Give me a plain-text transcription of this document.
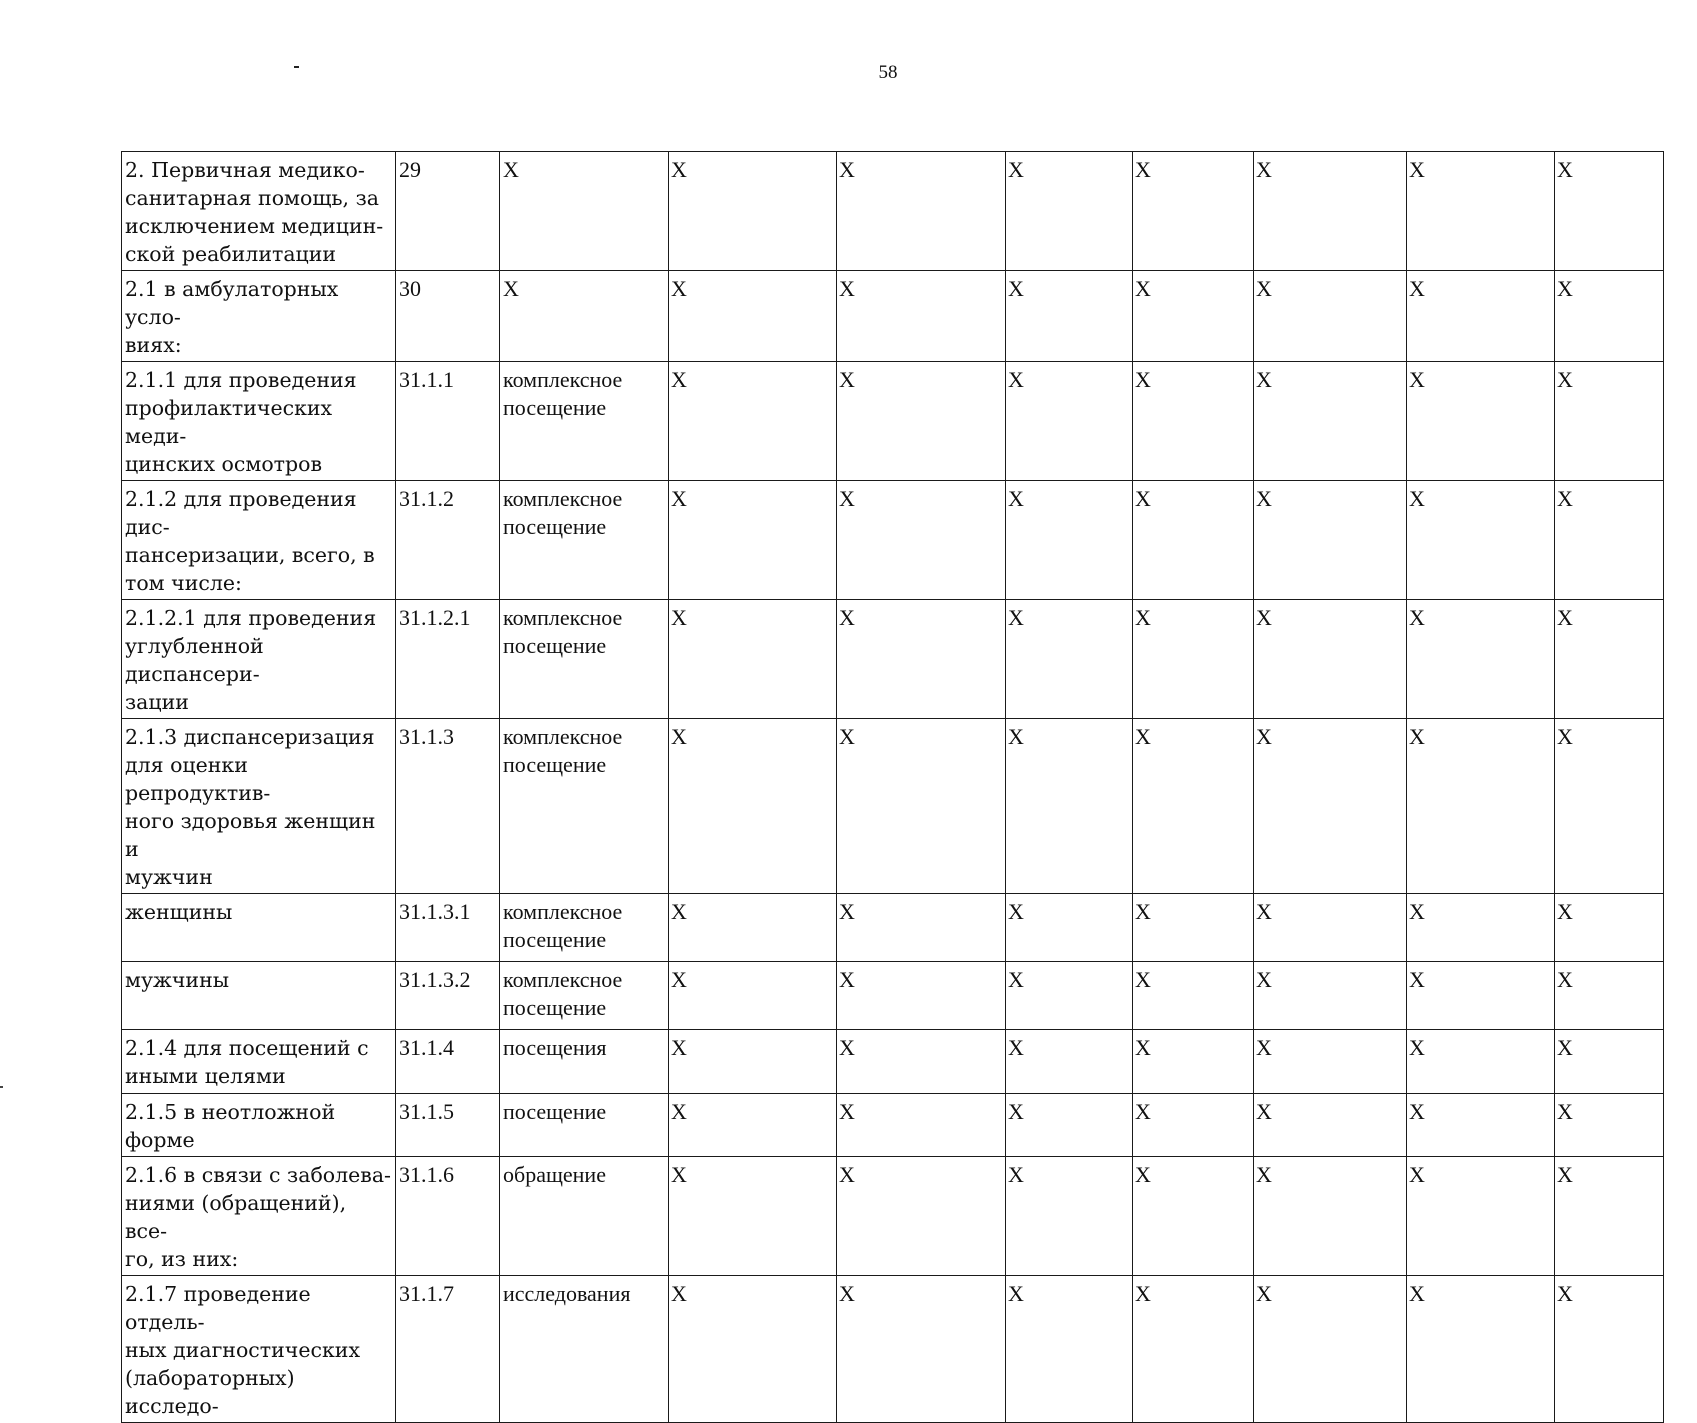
58
2. Первичная медико-
санитарная помощь, за
исключением медицин-
ской реабилитации	29	X	X	X	X	X	X	X	X
2.1 в амбулаторных усло-
виях:	30	X	X	X	X	X	X	X	X
2.1.1 для проведения
профилактических меди-
цинских осмотров	31.1.1	комплексное посещение	X	X	X	X	X	X	X
2.1.2 для проведения дис-
пансеризации, всего, в
том числе:	31.1.2	комплексное посещение	X	X	X	X	X	X	X
2.1.2.1 для проведения
углубленной диспансери-
зации	31.1.2.1	комплексное посещение	X	X	X	X	X	X	X
2.1.3 диспансеризация
для оценки репродуктив-
ного здоровья женщин и
мужчин	31.1.3	комплексное посещение	X	X	X	X	X	X	X
женщины	31.1.3.1	комплексное посещение	X	X	X	X	X	X	X
мужчины	31.1.3.2	комплексное посещение	X	X	X	X	X	X	X
2.1.4 для посещений с
иными целями	31.1.4	посещения	X	X	X	X	X	X	X
2.1.5 в неотложной форме	31.1.5	посещение	X	X	X	X	X	X	X
2.1.6 в связи с заболева-
ниями (обращений), все-
го, из них:	31.1.6	обращение	X	X	X	X	X	X	X
2.1.7 проведение отдель-
ных диагностических
(лабораторных) исследо-	31.1.7	исследования	X	X	X	X	X	X	X
